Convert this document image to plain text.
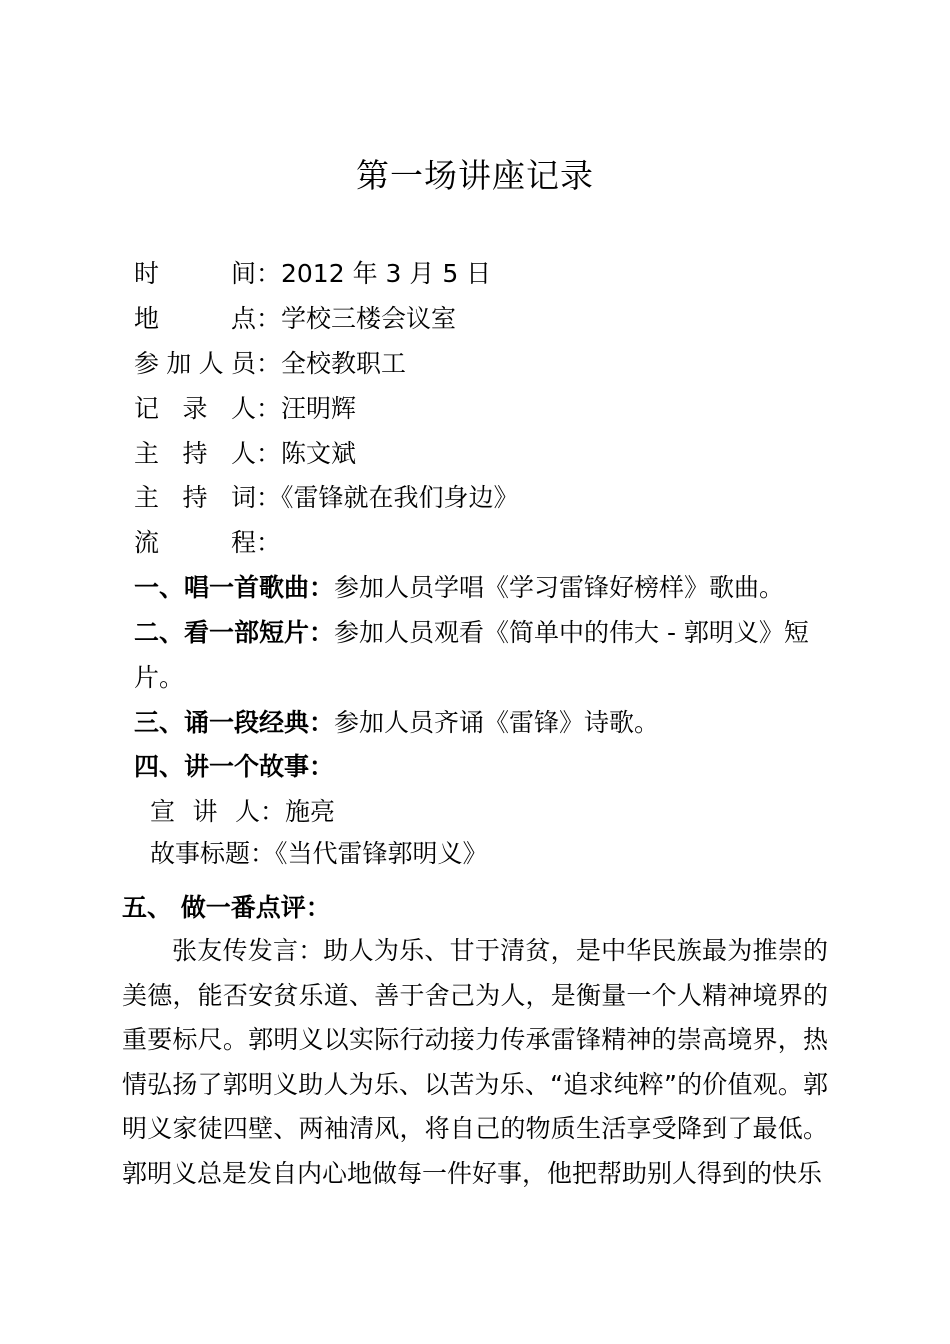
第一场讲座记录
时间：2012 年 3 月 5 日
地点：学校三楼会议室
参加人员：全校教职工
记录人：汪明辉
主持人：陈文斌
主持词：《雷锋就在我们身边》
流程：
一、唱一首歌曲：参加人员学唱《学习雷锋好榜样》歌曲。
二、看一部短片：参加人员观看《简单中的伟大 - 郭明义》短
片。
三、诵一段经典：参加人员齐诵《雷锋》诗歌。
四、讲一个故事：
宣讲人：施亮
故事标题：《当代雷锋郭明义》
五、 做一番点评：
张友传发言：助人为乐、甘于清贫，是中华民族最为推崇的美德，能否安贫乐道、善于舍己为人，是衡量一个人精神境界的重要标尺。郭明义以实际行动接力传承雷锋精神的崇高境界，热情弘扬了郭明义助人为乐、以苦为乐、“追求纯粹”的价值观。郭明义家徒四壁、两袖清风，将自己的物质生活享受降到了最低。郭明义总是发自内心地做每一件好事，他把帮助别人得到的快乐
